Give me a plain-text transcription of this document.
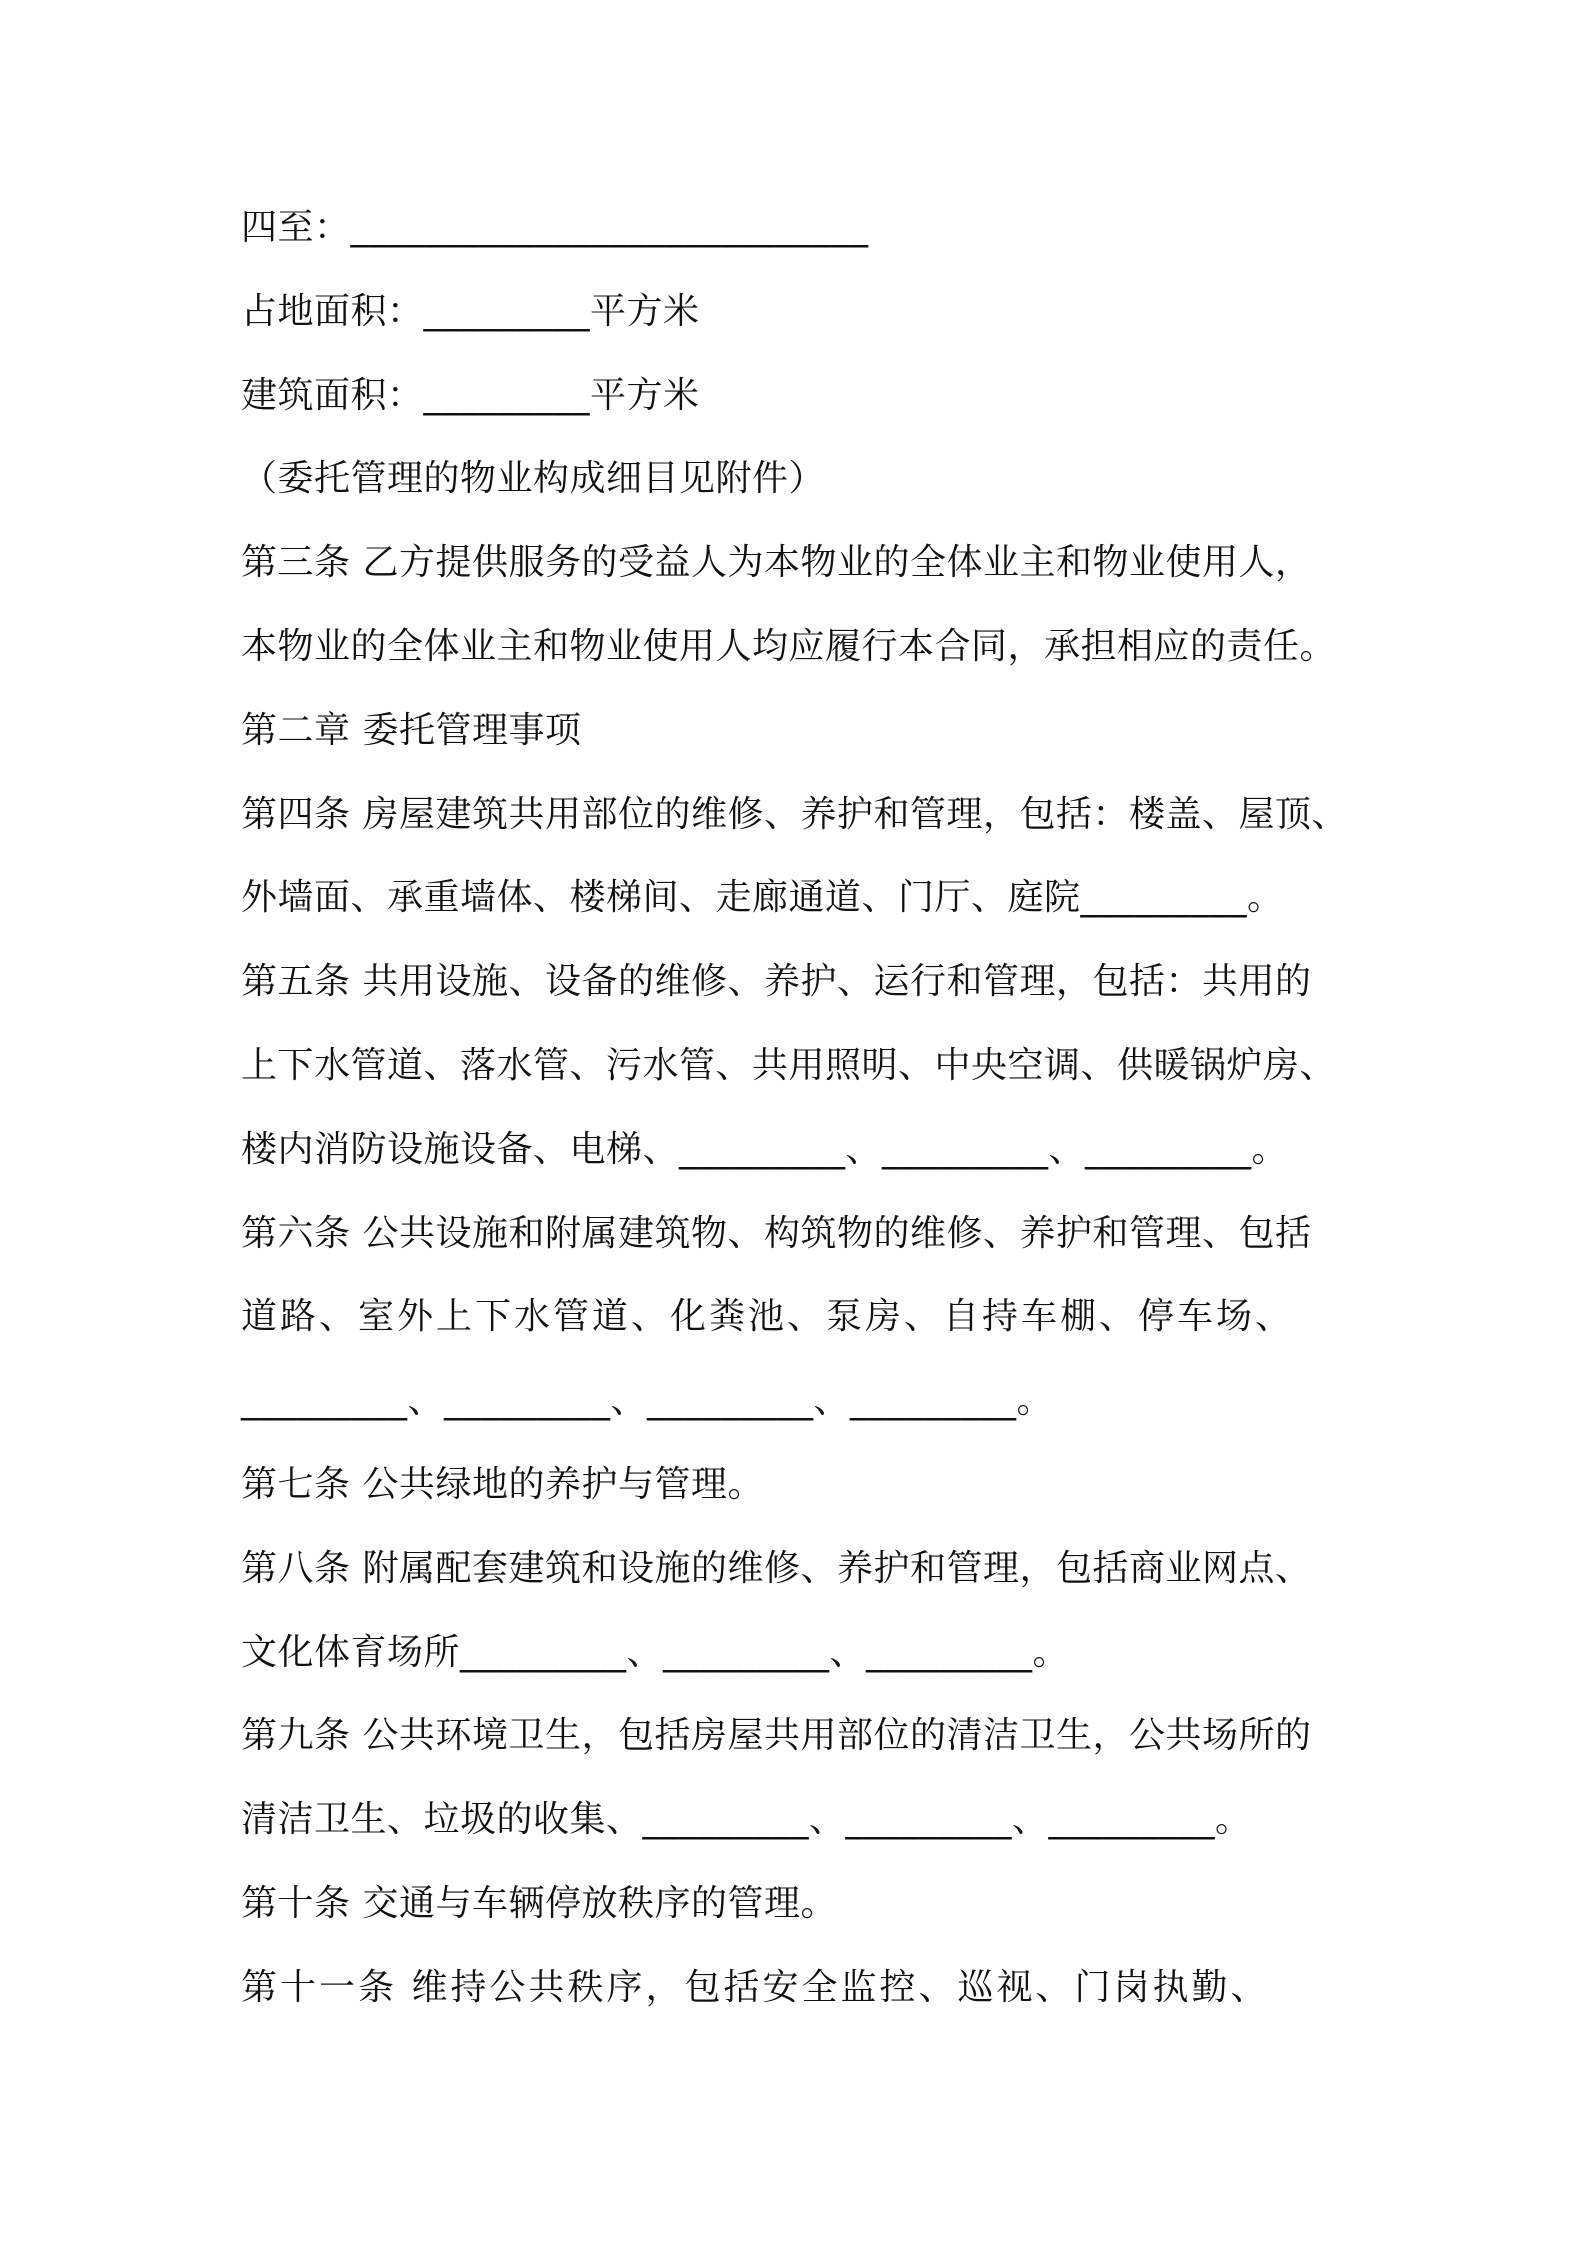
四至：____________________________

占地面积：_________平方米

建筑面积：_________平方米

（委托管理的物业构成细目见附件）

第三条 乙方提供服务的受益人为本物业的全体业主和物业使用人，

本物业的全体业主和物业使用人均应履行本合同，承担相应的责任。

第二章 委托管理事项

第四条 房屋建筑共用部位的维修、养护和管理，包括：楼盖、屋顶、

外墙面、承重墙体、楼梯间、走廊通道、门厅、庭院_________。

第五条 共用设施、设备的维修、养护、运行和管理，包括：共用的

上下水管道、落水管、污水管、共用照明、中央空调、供暖锅炉房、

楼内消防设施设备、电梯、_________、_________、_________。

第六条 公共设施和附属建筑物、构筑物的维修、养护和管理、包括

道路、室外上下水管道、化粪池、泵房、自持车棚、停车场、

_________、_________、_________、_________。

第七条 公共绿地的养护与管理。

第八条 附属配套建筑和设施的维修、养护和管理，包括商业网点、

文化体育场所_________、_________、_________。

第九条 公共环境卫生，包括房屋共用部位的清洁卫生，公共场所的

清洁卫生、垃圾的收集、_________、_________、_________。

第十条 交通与车辆停放秩序的管理。

第十一条 维持公共秩序，包括安全监控、巡视、门岗执勤、
